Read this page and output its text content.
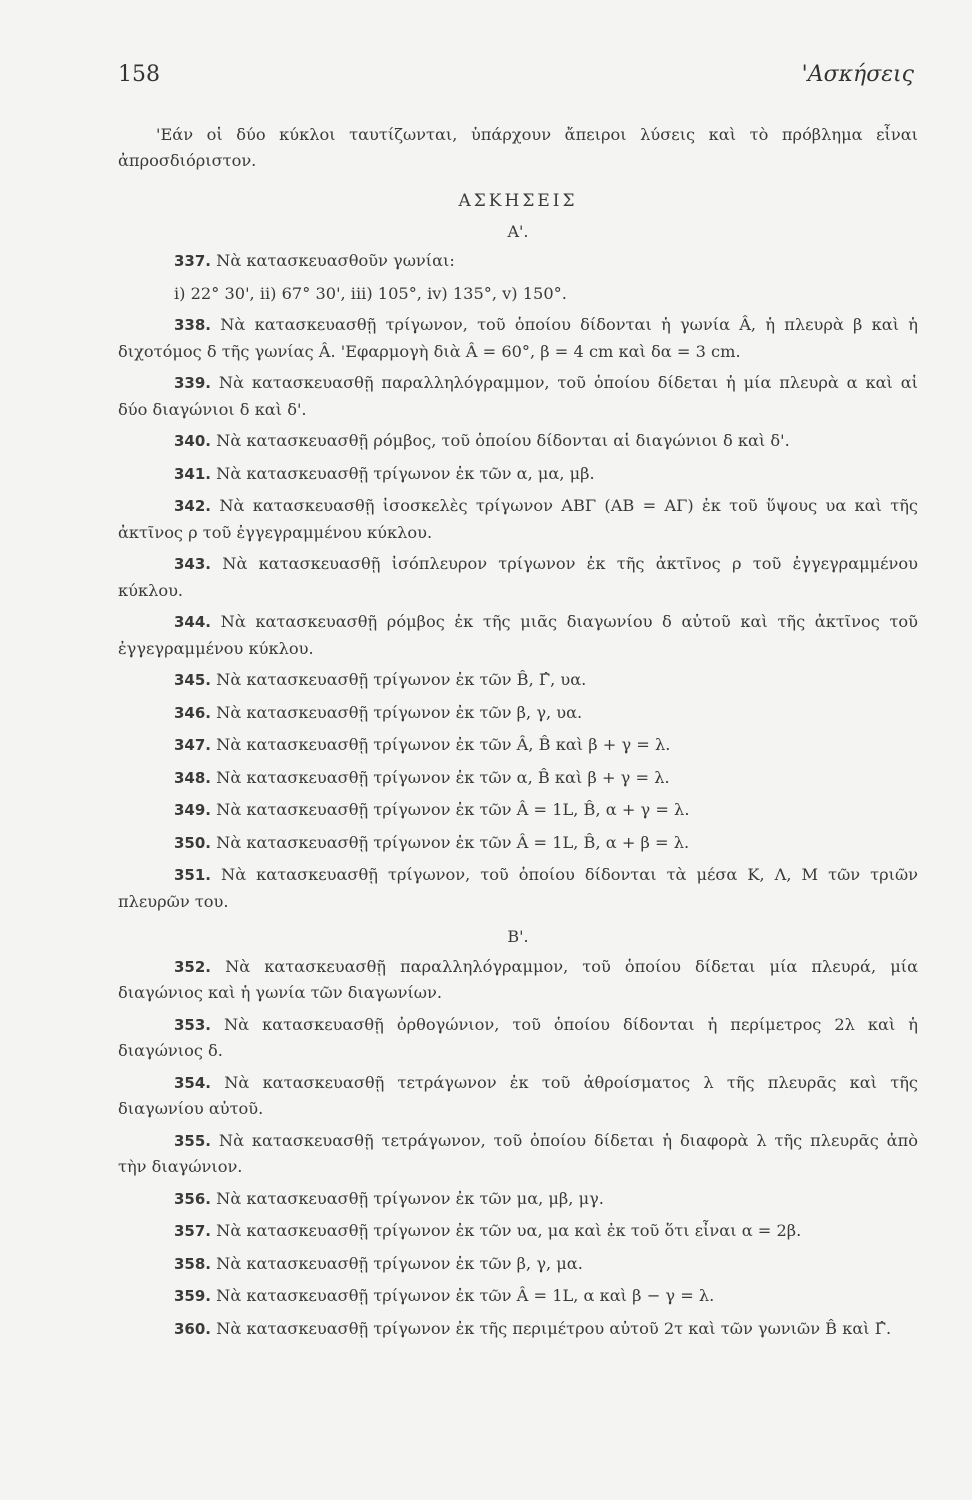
158	'Ασκήσεις

'Εάν οἱ δύο κύκλοι ταυτίζωνται, ὑπάρχουν ἄπειροι λύσεις καὶ τὸ πρόβλημα εἶναι ἀπροσδιόριστον.

ΑΣΚΗΣΕΙΣ
Α'.

337. Νὰ κατασκευασθοῦν γωνίαι:

i) 22° 30', ii) 67° 30', iii) 105°, iv) 135°, v) 150°.

338. Νὰ κατασκευασθῇ τρίγωνον, τοῦ ὁποίου δίδονται ἡ γωνία Â, ἡ πλευρὰ β καὶ ἡ διχοτόμος δ τῆς γωνίας Â. 'Εφαρμογὴ διὰ Â = 60°, β = 4 cm καὶ δα = 3 cm.

339. Νὰ κατασκευασθῇ παραλληλόγραμμον, τοῦ ὁποίου δίδεται ἡ μία πλευρὰ α καὶ αἱ δύο διαγώνιοι δ καὶ δ'.

340. Νὰ κατασκευασθῇ ρόμβος, τοῦ ὁποίου δίδονται αἱ διαγώνιοι δ καὶ δ'.

341. Νὰ κατασκευασθῇ τρίγωνον ἐκ τῶν α, μα, μβ.

342. Νὰ κατασκευασθῇ ἰσοσκελὲς τρίγωνον ΑΒΓ (ΑΒ = ΑΓ) ἐκ τοῦ ὕψους υα καὶ τῆς ἀκτῖνος ρ τοῦ ἐγγεγραμμένου κύκλου.

343. Νὰ κατασκευασθῇ ἰσόπλευρον τρίγωνον ἐκ τῆς ἀκτῖνος ρ τοῦ ἐγγεγραμμένου κύκλου.

344. Νὰ κατασκευασθῇ ρόμβος ἐκ τῆς μιᾶς διαγωνίου δ αὐτοῦ καὶ τῆς ἀκτῖνος τοῦ ἐγγεγραμμένου κύκλου.

345. Νὰ κατασκευασθῇ τρίγωνον ἐκ τῶν B̂, Γ̂, υα.

346. Νὰ κατασκευασθῇ τρίγωνον ἐκ τῶν β, γ, υα.

347. Νὰ κατασκευασθῇ τρίγωνον ἐκ τῶν Â, B̂ καὶ β + γ = λ.

348. Νὰ κατασκευασθῇ τρίγωνον ἐκ τῶν α, B̂ καὶ β + γ = λ.

349. Νὰ κατασκευασθῇ τρίγωνον ἐκ τῶν Â = 1L, B̂, α + γ = λ.

350. Νὰ κατασκευασθῇ τρίγωνον ἐκ τῶν Â = 1L, B̂, α + β = λ.

351. Νὰ κατασκευασθῇ τρίγωνον, τοῦ ὁποίου δίδονται τὰ μέσα Κ, Λ, Μ τῶν τριῶν πλευρῶν του.

Β'.

352. Νὰ κατασκευασθῇ παραλληλόγραμμον, τοῦ ὁποίου δίδεται μία πλευρά, μία διαγώνιος καὶ ἡ γωνία τῶν διαγωνίων.

353. Νὰ κατασκευασθῇ ὀρθογώνιον, τοῦ ὁποίου δίδονται ἡ περίμετρος 2λ καὶ ἡ διαγώνιος δ.

354. Νὰ κατασκευασθῇ τετράγωνον ἐκ τοῦ ἀθροίσματος λ τῆς πλευρᾶς καὶ τῆς διαγωνίου αὐτοῦ.

355. Νὰ κατασκευασθῇ τετράγωνον, τοῦ ὁποίου δίδεται ἡ διαφορὰ λ τῆς πλευρᾶς ἀπὸ τὴν διαγώνιον.

356. Νὰ κατασκευασθῇ τρίγωνον ἐκ τῶν μα, μβ, μγ.

357. Νὰ κατασκευασθῇ τρίγωνον ἐκ τῶν υα, μα καὶ ἐκ τοῦ ὅτι εἶναι α = 2β.

358. Νὰ κατασκευασθῇ τρίγωνον ἐκ τῶν β, γ, μα.

359. Νὰ κατασκευασθῇ τρίγωνον ἐκ τῶν Â = 1L, α καὶ β − γ = λ.

360. Νὰ κατασκευασθῇ τρίγωνον ἐκ τῆς περιμέτρου αὐτοῦ 2τ καὶ τῶν γωνιῶν B̂ καὶ Γ̂.
